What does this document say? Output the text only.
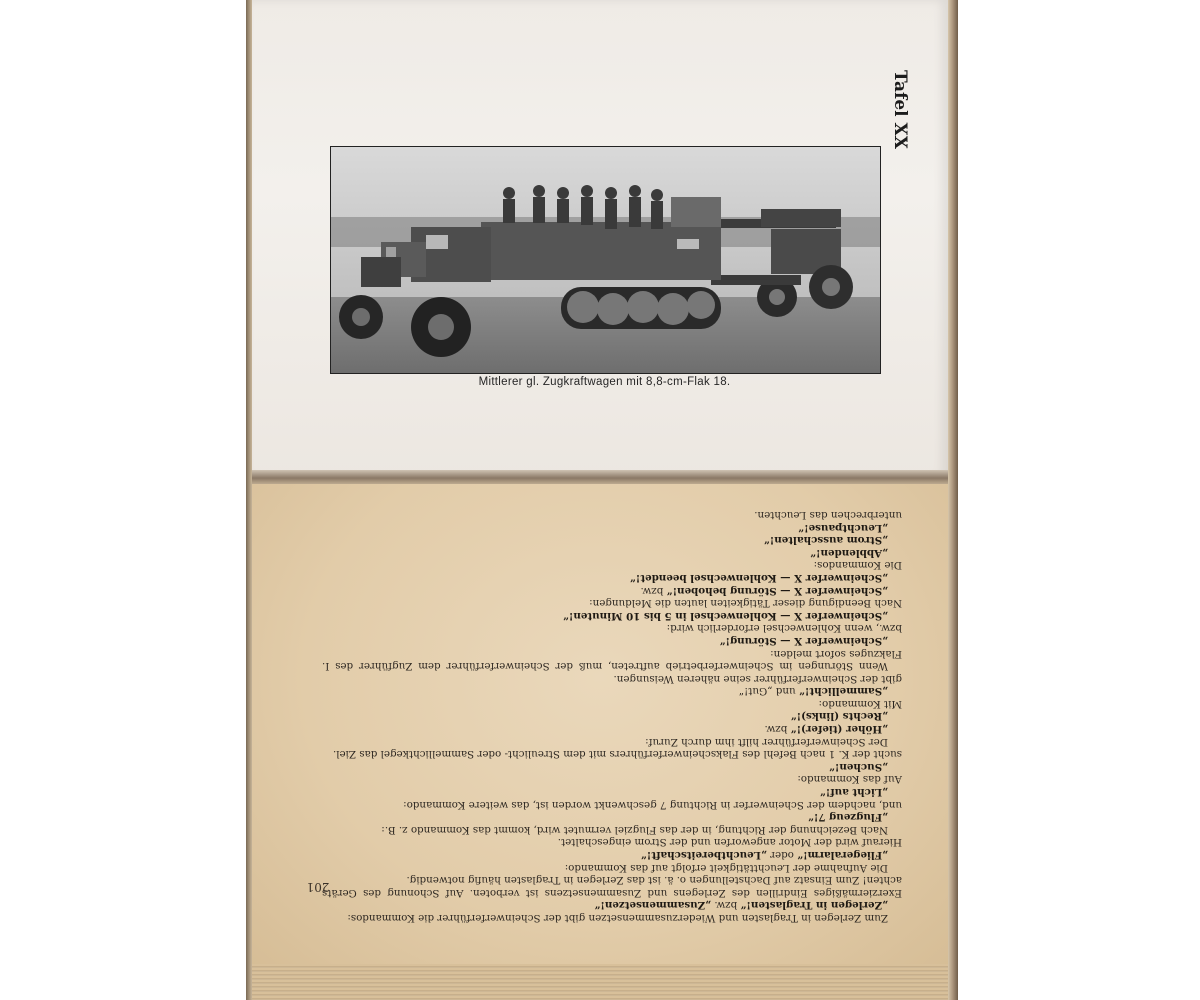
Tafel XX
Mittlerer gl. Zugkraftwagen mit 8,8-cm-Flak 18.

Zum Zerlegen in Traglasten und Wiederzusammensetzen gibt der Scheinwerferführer die Kommandos:

„Zerlegen in Traglasten!“ bzw. „Zusammensetzen!“

Exerziermäßiges Eindrillen des Zerlegens und Zusammensetzens ist verboten. Auf Schonung des Geräts achten! Zum Einsatz auf Dachstellungen o. ä. ist das Zerlegen in Traglasten häufig notwendig.

Die Aufnahme der Leuchttätigkeit erfolgt auf das Kommando:

„Fliegeralarm!“ oder „Leuchtbereitschaft!“

Hierauf wird der Motor angeworfen und der Strom eingeschaltet.

Nach Bezeichnung der Richtung, in der das Flugziel vermutet wird, kommt das Kommando z. B.:

„Flugzeug 7!“

und, nachdem der Scheinwerfer in Richtung 7 geschwenkt worden ist, das weitere Kommando:

„Licht auf!“

Auf das Kommando:

„Suchen!“

sucht der K. 1 nach Befehl des Flakscheinwerferführers mit dem Streulicht- oder Sammellichtkegel das Ziel.

Der Scheinwerferführer hilft ihm durch Zuruf:

„Höher (tiefer)!“ bzw.

„Rechts (links)!“

Mit Kommando:

„Sammellicht!“ und „Gut!“

gibt der Scheinwerferführer seine näheren Weisungen.

Wenn Störungen im Scheinwerferbetrieb auftreten, muß der Scheinwerferführer dem Zugführer des I. Flakzuges sofort melden:

„Scheinwerfer X — Störung!“

bzw., wenn Kohlenwechsel erforderlich wird:

„Scheinwerfer X — Kohlenwechsel in 5 bis 10 Minuten!“

Nach Beendigung dieser Tätigkeiten lauten die Meldungen:

„Scheinwerfer X — Störung behoben!“ bzw.

„Scheinwerfer X — Kohlenwechsel beendet!“

Die Kommandos:

„Abblenden!“

„Strom ausschalten!“

„Leuchtpause!“

unterbrechen das Leuchten.

201
